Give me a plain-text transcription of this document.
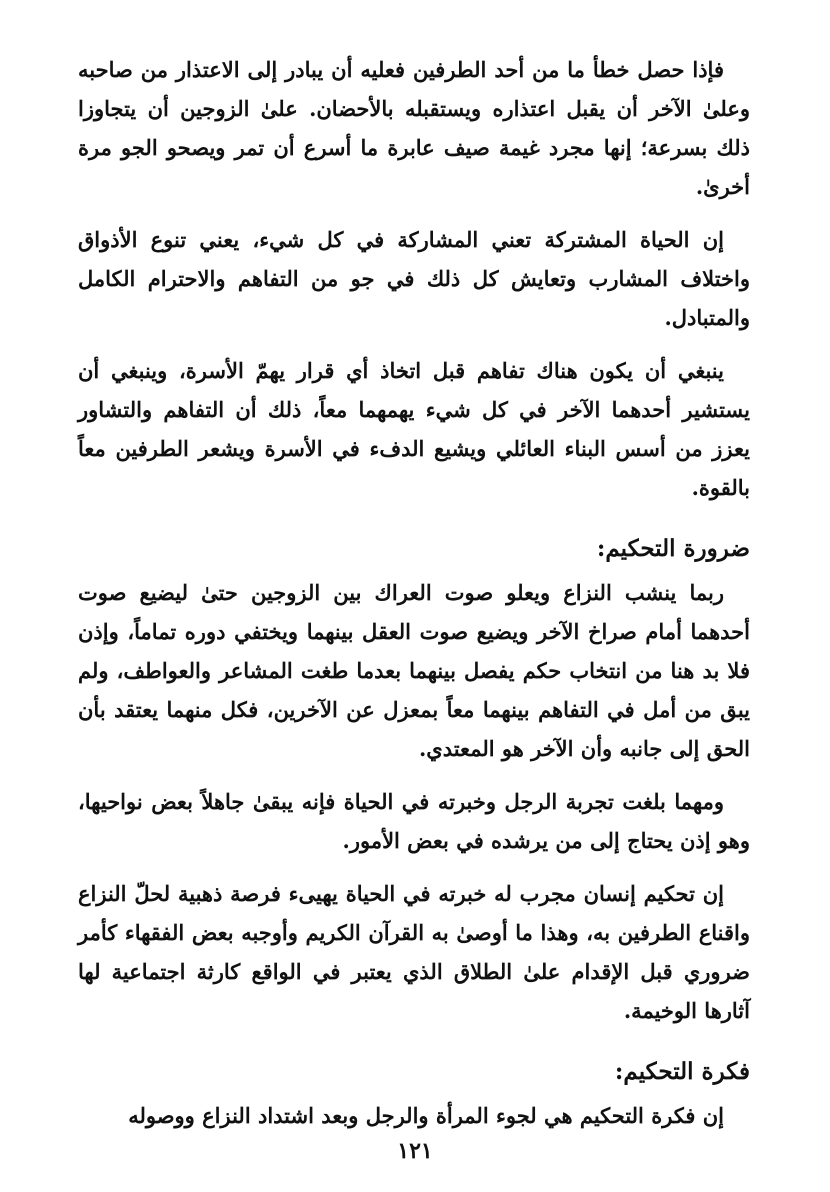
فإذا حصل خطأ ما من أحد الطرفين فعليه أن يبادر إلى الاعتذار من صاحبه وعلىٰ الآخر أن يقبل اعتذاره ويستقبله بالأحضان. علىٰ الزوجين أن يتجاوزا ذلك بسرعة؛ إنها مجرد غيمة صيف عابرة ما أسرع أن تمر ويصحو الجو مرة أخرىٰ.

إن الحياة المشتركة تعني المشاركة في كل شيء، يعني تنوع الأذواق واختلاف المشارب وتعايش كل ذلك في جو من التفاهم والاحترام الكامل والمتبادل.

ينبغي أن يكون هناك تفاهم قبل اتخاذ أي قرار يهمّ الأسرة، وينبغي أن يستشير أحدهما الآخر في كل شيء يهمهما معاً، ذلك أن التفاهم والتشاور يعزز من أسس البناء العائلي ويشيع الدفء في الأسرة ويشعر الطرفين معاً بالقوة.

ضرورة التحكيم:

ربما ينشب النزاع ويعلو صوت العراك بين الزوجين حتىٰ ليضيع صوت أحدهما أمام صراخ الآخر ويضيع صوت العقل بينهما ويختفي دوره تماماً، وإذن فلا بد هنا من انتخاب حكم يفصل بينهما بعدما طغت المشاعر والعواطف، ولم يبق من أمل في التفاهم بينهما معاً بمعزل عن الآخرين، فكل منهما يعتقد بأن الحق إلى جانبه وأن الآخر هو المعتدي.

ومهما بلغت تجربة الرجل وخبرته في الحياة فإنه يبقىٰ جاهلاً بعض نواحيها، وهو إذن يحتاج إلى من يرشده في بعض الأمور.

إن تحكيم إنسان مجرب له خبرته في الحياة يهيىء فرصة ذهبية لحلّ النزاع واقناع الطرفين به، وهذا ما أوصىٰ به القرآن الكريم وأوجبه بعض الفقهاء كأمر ضروري قبل الإقدام علىٰ الطلاق الذي يعتبر في الواقع كارثة اجتماعية لها آثارها الوخيمة.

فكرة التحكيم:

إن فكرة التحكيم هي لجوء المرأة والرجل وبعد اشتداد النزاع ووصوله

١٢١
